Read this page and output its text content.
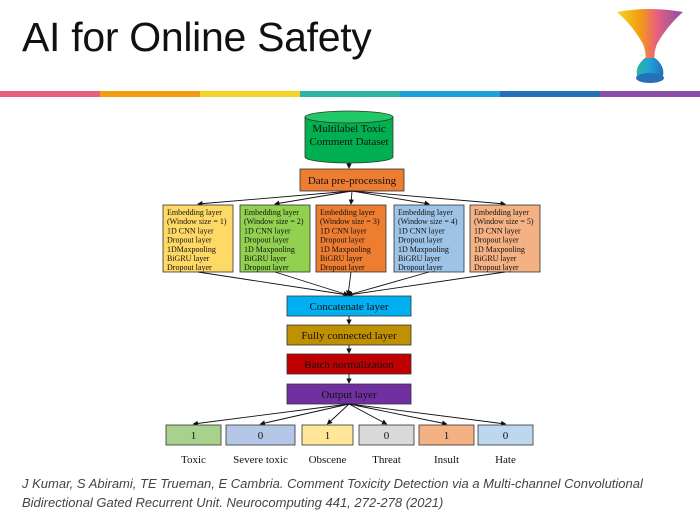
AI for Online Safety
Multilabel Toxic
Comment Dataset
Data pre-processing
Embedding layer
(Window size = 1)
1D CNN layer
Dropout layer
1DMaxpooling
BiGRU layer
Dropout layer
Embedding layer
(Window size = 2)
1D CNN layer
Dropout layer
1D Maxpooling
BiGRU layer
Dropout layer
Embedding layer
(Window size = 3)
1D CNN layer
Dropout layer
1D Maxpooling
BiGRU layer
Dropout layer
Embedding layer
(Window size = 4)
1D CNN layer
Dropout layer
1D Maxpooling
BiGRU layer
Dropout layer
Embedding layer
(Window size = 5)
1D CNN layer
Dropout layer
1D Maxpooling
BiGRU layer
Dropout layer
Concatenate layer
Fully connected layer
Batch normalization
Output layer
1
Toxic
0
Severe toxic
1
Obscene
0
Threat
1
Insult
0
Hate
J Kumar, S Abirami, TE Trueman, E Cambria. Comment Toxicity Detection via a Multi-channel Convolutional Bidirectional Gated Recurrent Unit. Neurocomputing 441, 272-278 (2021)
